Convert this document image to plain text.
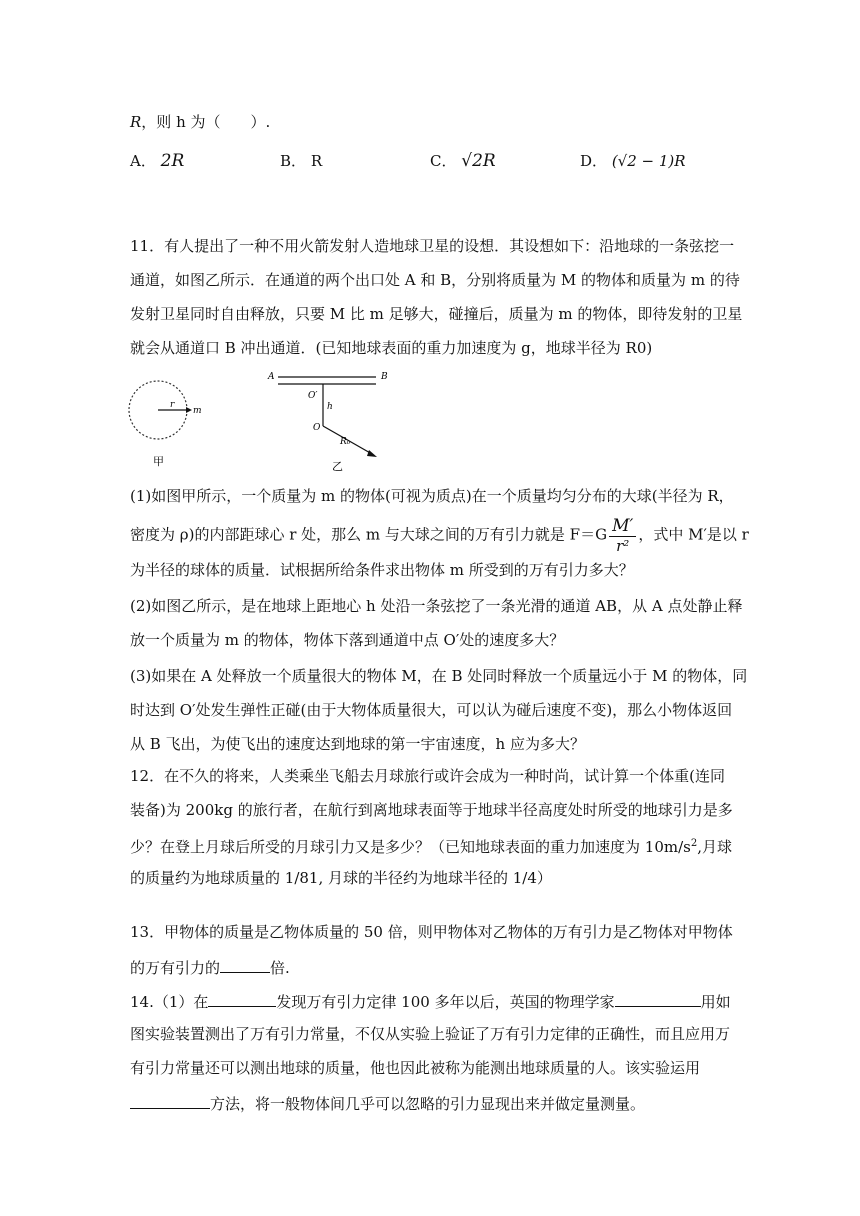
R，则 h 为（　　）.
A． 2R	B． R	C． √2R	D． (√2 − 1)R
11．有人提出了一种不用火箭发射人造地球卫星的设想．其设想如下：沿地球的一条弦挖一
通道，如图乙所示．在通道的两个出口处 A 和 B，分别将质量为 M 的物体和质量为 m 的待
发射卫星同时自由释放，只要 M 比 m 足够大，碰撞后，质量为 m 的物体，即待发射的卫星
就会从通道口 B 冲出通道．(已知地球表面的重力加速度为 g，地球半径为 R0)
r
m
甲
A	B
O′
h
O
R₀
乙
(1)如图甲所示，一个质量为 m 的物体(可视为质点)在一个质量均匀分布的大球(半径为 R，
密度为 ρ)的内部距球心 r 处，那么 m 与大球之间的万有引力就是 $F=G \frac{M'}{\text{r²}}$ ，式中 M′是以 r
为半径的球体的质量．试根据所给条件求出物体 m 所受到的万有引力多大？
(2)如图乙所示，是在地球上距地心 h 处沿一条弦挖了一条光滑的通道 AB，从 A 点处静止释
放一个质量为 m 的物体，物体下落到通道中点 O′处的速度多大？
(3)如果在 A 处释放一个质量很大的物体 M，在 B 处同时释放一个质量远小于 M 的物体，同
时达到 O′处发生弹性正碰(由于大物体质量很大，可以认为碰后速度不变)，那么小物体返回
从 B 飞出，为使飞出的速度达到地球的第一宇宙速度，h 应为多大？
12．在不久的将来，人类乘坐飞船去月球旅行或许会成为一种时尚，试计算一个体重(连同
装备)为 200kg 的旅行者，在航行到离地球表面等于地球半径高度处时所受的地球引力是多
少？在登上月球后所受的月球引力又是多少？（已知地球表面的重力加速度为 $10m/s^2$,月球
的质量约为地球质量的 1/81, 月球的半径约为地球半径的 1/4）
13．甲物体的质量是乙物体质量的 50 倍，则甲物体对乙物体的万有引力是乙物体对甲物体
的万有引力的	倍.
14.（1）在	发现万有引力定律 100 多年以后，英国的物理学家	用如
图实验装置测出了万有引力常量，不仅从实验上验证了万有引力定律的正确性，而且应用万
有引力常量还可以测出地球的质量，他也因此被称为能测出地球质量的人。该实验运用
方法，将一般物体间几乎可以忽略的引力显现出来并做定量测量。
